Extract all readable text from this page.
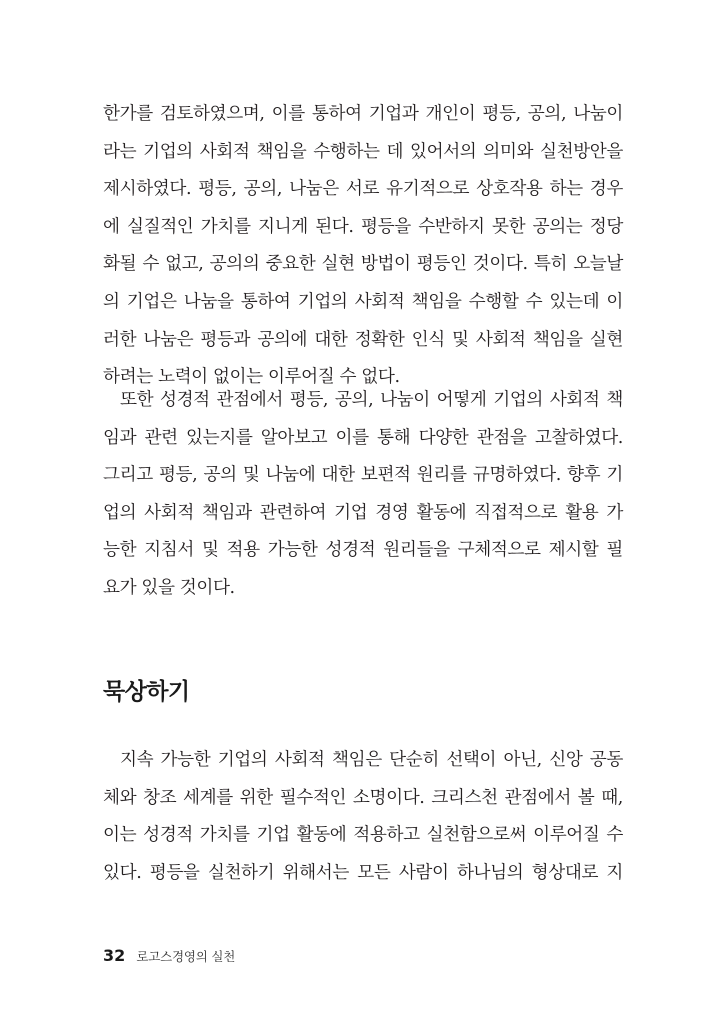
한가를 검토하였으며, 이를 통하여 기업과 개인이 평등, 공의, 나눔이
라는 기업의 사회적 책임을 수행하는 데 있어서의 의미와 실천방안을
제시하였다. 평등, 공의, 나눔은 서로 유기적으로 상호작용 하는 경우
에 실질적인 가치를 지니게 된다. 평등을 수반하지 못한 공의는 정당
화될 수 없고, 공의의 중요한 실현 방법이 평등인 것이다. 특히 오늘날
의 기업은 나눔을 통하여 기업의 사회적 책임을 수행할 수 있는데 이
러한 나눔은 평등과 공의에 대한 정확한 인식 및 사회적 책임을 실현
하려는 노력이 없이는 이루어질 수 없다.
또한 성경적 관점에서 평등, 공의, 나눔이 어떻게 기업의 사회적 책
임과 관련 있는지를 알아보고 이를 통해 다양한 관점을 고찰하였다.
그리고 평등, 공의 및 나눔에 대한 보편적 원리를 규명하였다. 향후 기
업의 사회적 책임과 관련하여 기업 경영 활동에 직접적으로 활용 가
능한 지침서 및 적용 가능한 성경적 원리들을 구체적으로 제시할 필
요가 있을 것이다.
묵상하기
지속 가능한 기업의 사회적 책임은 단순히 선택이 아닌, 신앙 공동
체와 창조 세계를 위한 필수적인 소명이다. 크리스천 관점에서 볼 때,
이는 성경적 가치를 기업 활동에 적용하고 실천함으로써 이루어질 수
있다. 평등을 실천하기 위해서는 모든 사람이 하나님의 형상대로 지
32 로고스경영의 실천
